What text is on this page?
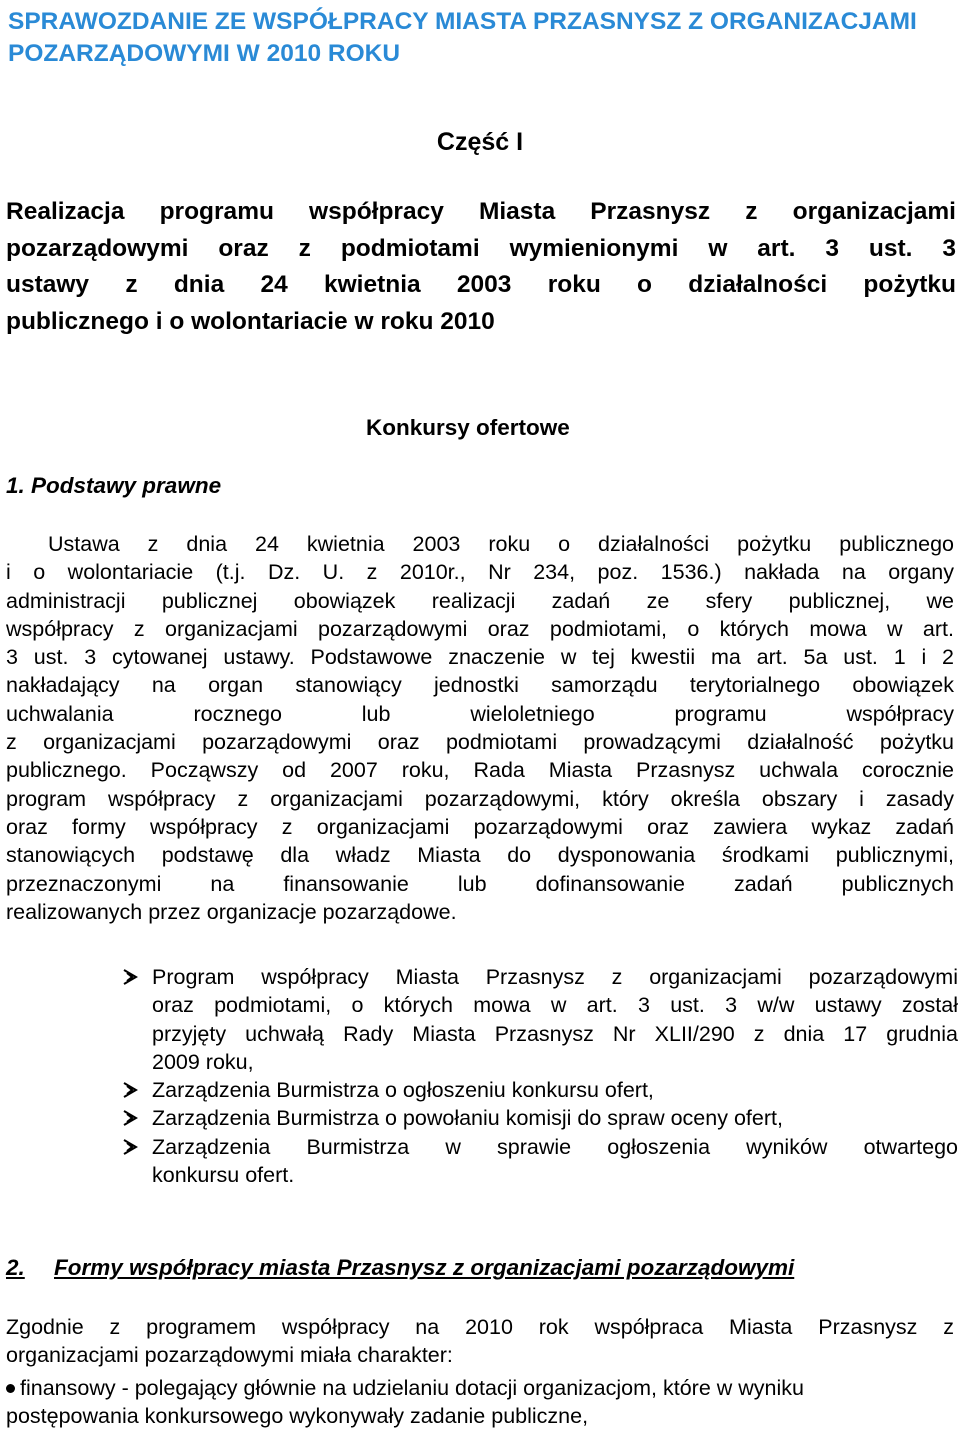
SPRAWOZDANIE ZE WSPÓŁPRACY MIASTA PRZASNYSZ Z ORGANIZACJAMI
POZARZĄDOWYMI W 2010 ROKU
Część I
Realizacja programu współpracy Miasta Przasnysz z organizacjami
pozarządowymi oraz z podmiotami wymienionymi w art. 3 ust. 3
ustawy z dnia 24 kwietnia 2003 roku o działalności pożytku
publicznego i o wolontariacie w roku 2010
Konkursy ofertowe
1. Podstawy prawne
Ustawa z dnia 24 kwietnia 2003 roku o działalności pożytku publicznego
i o wolontariacie (t.j. Dz. U. z 2010r., Nr 234, poz. 1536.) nakłada na organy
administracji publicznej obowiązek realizacji zadań ze sfery publicznej, we
współpracy z organizacjami pozarządowymi oraz podmiotami, o których mowa w art.
3 ust. 3 cytowanej ustawy. Podstawowe znaczenie w tej kwestii ma art. 5a ust. 1 i 2
nakładający na organ stanowiący jednostki samorządu terytorialnego obowiązek
uchwalania rocznego lub wieloletniego programu współpracy
z organizacjami pozarządowymi oraz podmiotami prowadzącymi działalność pożytku
publicznego. Począwszy od 2007 roku, Rada Miasta Przasnysz uchwala corocznie
program współpracy z organizacjami pozarządowymi, który określa obszary i zasady
oraz formy współpracy z organizacjami pozarządowymi oraz zawiera wykaz zadań
stanowiących podstawę dla władz Miasta do dysponowania środkami publicznymi,
przeznaczonymi na finansowanie lub dofinansowanie zadań publicznych
realizowanych przez organizacje pozarządowe.
Program współpracy Miasta Przasnysz z organizacjami pozarządowymi
oraz podmiotami, o których mowa w art. 3 ust. 3 w/w ustawy został
przyjęty uchwałą Rady Miasta Przasnysz Nr XLII/290 z dnia 17 grudnia
2009 roku,
Zarządzenia Burmistrza o ogłoszeniu konkursu ofert,
Zarządzenia Burmistrza o powołaniu komisji do spraw oceny ofert,
Zarządzenia Burmistrza w sprawie ogłoszenia wyników otwartego
konkursu ofert.
2. Formy współpracy miasta Przasnysz z organizacjami pozarządowymi
Zgodnie z programem współpracy na 2010 rok współpraca Miasta Przasnysz z
organizacjami pozarządowymi miała charakter:
finansowy - polegający głównie na udzielaniu dotacji organizacjom, które w wyniku
postępowania konkursowego wykonywały zadanie publiczne,
